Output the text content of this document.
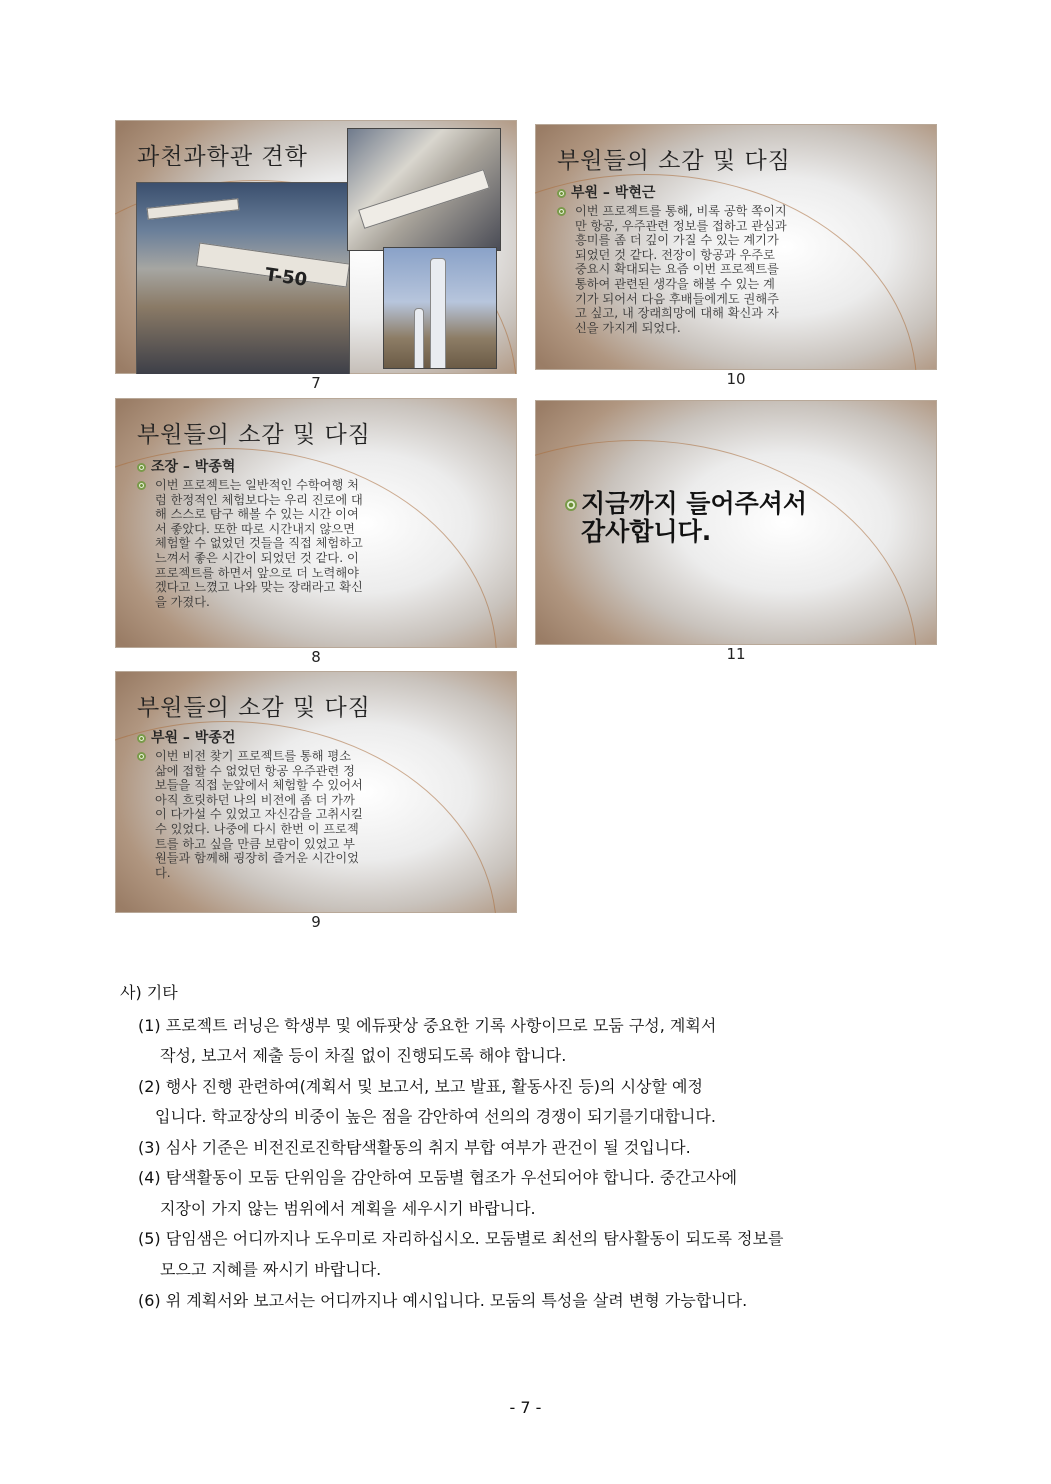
과천과학관 견학
T-50
7
부원들의 소감 및 다짐
부원 – 박현근
이번 프로젝트를 통해, 비록 공학 쪽이지
만 항공, 우주관련 정보를 접하고 관심과
흥미를 좀 더 깊이 가질 수 있는 계기가
되었던 것 같다. 전장이 항공과 우주로
중요시 확대되는 요즘 이번 프로젝트를
통하여 관련된 생각을 해볼 수 있는 계
기가 되어서 다음 후배들에게도 권해주
고 싶고, 내 장래희망에 대해 확신과 자
신을 가지게 되었다.
10
부원들의 소감 및 다짐
조장 – 박종혁
이번 프로젝트는 일반적인 수학여행 처
럼 한정적인 체험보다는 우리 진로에 대
해 스스로 탐구 해볼 수 있는 시간 이여
서 좋았다. 또한 따로 시간내지 않으면
체험할 수 없었던 것들을 직접 체험하고
느껴서 좋은 시간이 되었던 것 같다. 이
프로젝트를 하면서 앞으로 더 노력해야
겠다고 느꼈고 나와 맞는 장래라고 확신
을 가졌다.
8
지금까지 들어주셔서
감사합니다.
11
부원들의 소감 및 다짐
부원 – 박종건
이번 비전 찾기 프로젝트를 통해 평소
삶에 접할 수 없었던 항공 우주관련 정
보들을 직접 눈앞에서 체험할 수 있어서
아직 흐릿하던 나의 비전에 좀 더 가까
이 다가설 수 있었고 자신감을 고취시킬
수 있었다. 나중에 다시 한번 이 프로젝
트를 하고 싶을 만큼 보람이 있었고 부
원들과 함께해 굉장히 즐거운 시간이었
다.
9
사) 기타
(1) 프로젝트 러닝은 학생부 및 에듀팟상 중요한 기록 사항이므로 모둠 구성, 계획서
작성, 보고서 제출 등이 차질 없이 진행되도록 해야 합니다.
(2) 행사 진행 관련하여(계획서 및 보고서, 보고 발표, 활동사진 등)의 시상할 예정
입니다. 학교장상의 비중이 높은 점을 감안하여 선의의 경쟁이 되기를기대합니다.
(3) 심사 기준은 비전진로진학탐색활동의 취지 부합 여부가 관건이 될 것입니다.
(4) 탐색활동이 모둠 단위임을 감안하여 모둠별 협조가 우선되어야 합니다. 중간고사에
지장이 가지 않는 범위에서 계획을 세우시기 바랍니다.
(5) 담임샘은 어디까지나 도우미로 자리하십시오. 모둠별로 최선의 탐사활동이 되도록 정보를
모으고 지혜를 짜시기 바랍니다.
(6) 위 계획서와 보고서는 어디까지나 예시입니다. 모둠의 특성을 살려 변형 가능합니다.
- 7 -
